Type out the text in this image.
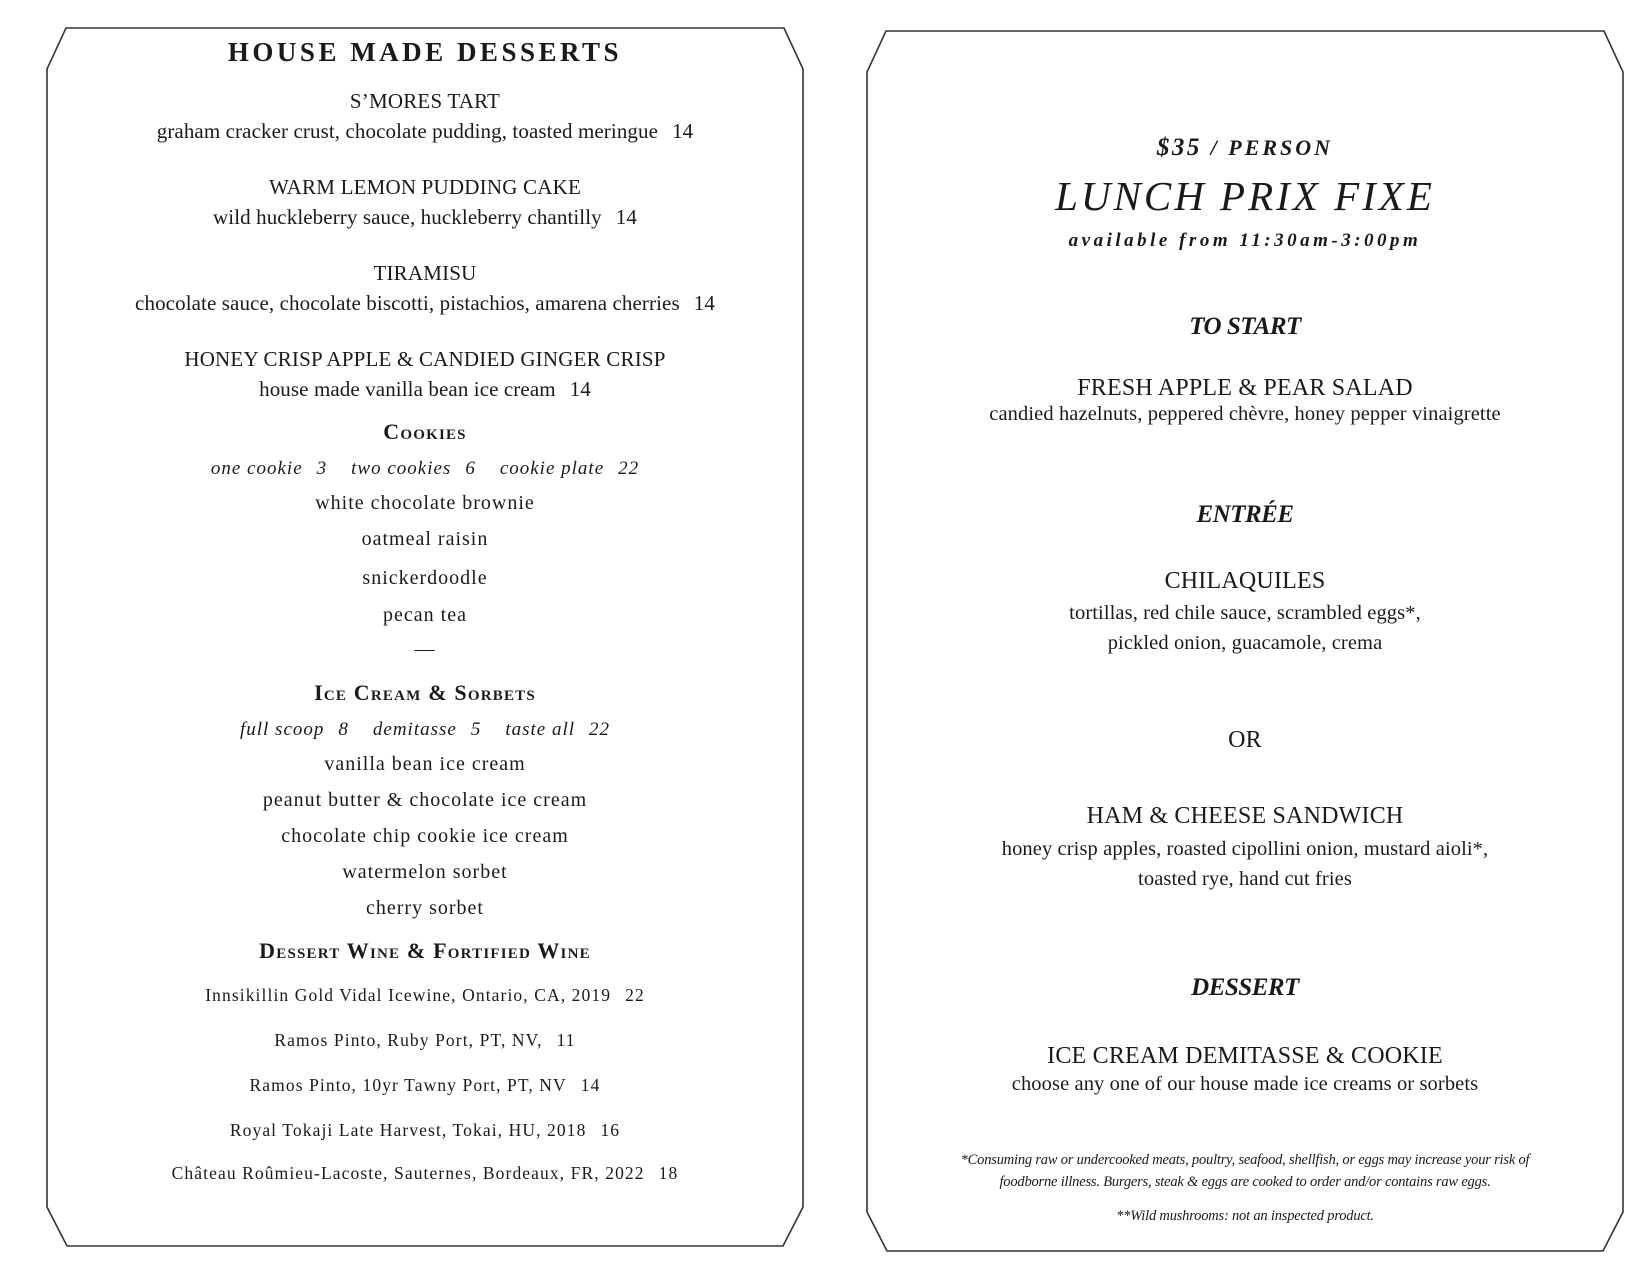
HOUSE MADE DESSERTS
S’MORES TART
graham cracker crust, chocolate pudding, toasted meringue 14
WARM LEMON PUDDING CAKE
wild huckleberry sauce, huckleberry chantilly 14
TIRAMISU
chocolate sauce, chocolate biscotti, pistachios, amarena cherries 14
HONEY CRISP APPLE & CANDIED GINGER CRISP
house made vanilla bean ice cream 14
Cookies
one cookie 3 two cookies 6 cookie plate 22
white chocolate brownie
oatmeal raisin
snickerdoodle
pecan tea
—
Ice Cream & Sorbets
full scoop 8 demitasse 5 taste all 22
vanilla bean ice cream
peanut butter & chocolate ice cream
chocolate chip cookie ice cream
watermelon sorbet
cherry sorbet
Dessert Wine & Fortified Wine
Innsikillin Gold Vidal Icewine, Ontario, CA, 2019 22
Ramos Pinto, Ruby Port, PT, NV, 11
Ramos Pinto, 10yr Tawny Port, PT, NV 14
Royal Tokaji Late Harvest, Tokai, HU, 2018 16
Château Roûmieu-Lacoste, Sauternes, Bordeaux, FR, 2022 18
$35 / PERSON
LUNCH PRIX FIXE
available from 11:30am-3:00pm
TO START
FRESH APPLE & PEAR SALAD
candied hazelnuts, peppered chèvre, honey pepper vinaigrette
ENTRÉE
CHILAQUILES
tortillas, red chile sauce, scrambled eggs*,
pickled onion, guacamole, crema
OR
HAM & CHEESE SANDWICH
honey crisp apples, roasted cipollini onion, mustard aioli*,
toasted rye, hand cut fries
DESSERT
ICE CREAM DEMITASSE & COOKIE
choose any one of our house made ice creams or sorbets
*Consuming raw or undercooked meats, poultry, seafood, shellfish, or eggs may increase your risk of
foodborne illness. Burgers, steak & eggs are cooked to order and/or contains raw eggs.
**Wild mushrooms: not an inspected product.
